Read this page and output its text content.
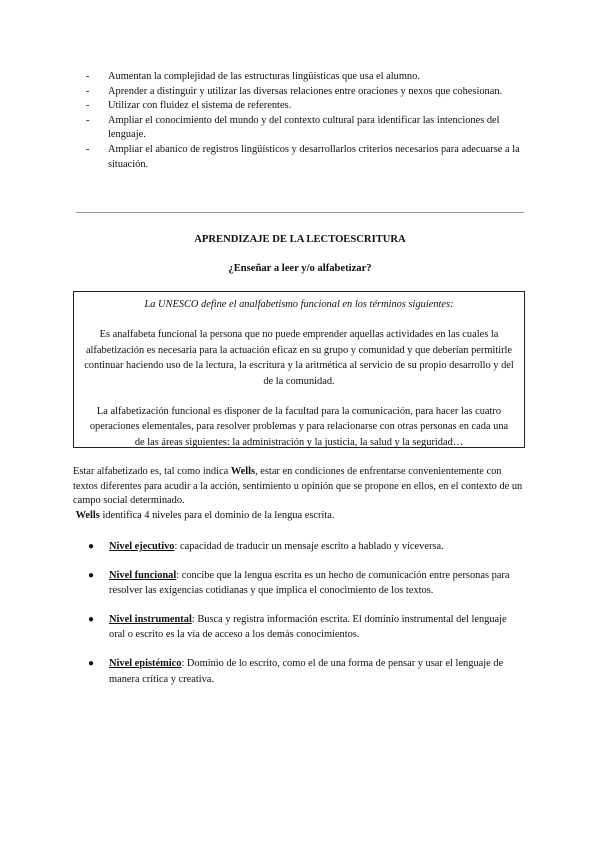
- Aumentan la complejidad de las estructuras lingüísticas que usa el alumno.
- Aprender a distinguir y utilizar las diversas relaciones entre oraciones y nexos que cohesionan.
- Utilizar con fluidez el sistema de referentes.
- Ampliar el conocimiento del mundo y del contexto cultural para identificar las intenciones del lenguaje.
- Ampliar el abanico de registros lingüísticos y desarrollarlos criterios necesarios para adecuarse a la situación.
APRENDIZAJE DE LA LECTOESCRITURA
¿Enseñar a leer y/o alfabetizar?

La UNESCO define el analfabetismo funcional en los términos siguientes:

Es analfabeta funcional la persona que no puede emprender aquellas actividades en las cuales la alfabetización es necesaria para la actuación eficaz en su grupo y comunidad y que deberían permitirle continuar haciendo uso de la lectura, la escritura y la aritmética al servicio de su propio desarrollo y del de la comunidad.

La alfabetización funcional es disponer de la facultad para la comunicación, para hacer las cuatro operaciones elementales, para resolver problemas y para relacionarse con otras personas en cada una de las áreas siguientes: la administración y la justicia, la salud y la seguridad…

Estar alfabetizado es, tal como indica Wells, estar en condiciones de enfrentarse convenientemente con textos diferentes para acudir a la acción, sentimiento u opinión que se propone en ellos, en el contexto de un campo social determinado.

Wells identifica 4 niveles para el dominio de la lengua escrita.

● Nivel ejecutivo: capacidad de traducir un mensaje escrito a hablado y viceversa.
● Nivel funcional: concibe que la lengua escrita es un hecho de comunicación entre personas para resolver las exigencias cotidianas y que implica el conocimiento de los textos.
● Nivel instrumental: Busca y registra información escrita. El dominio instrumental del lenguaje oral o escrito es la vía de acceso a los demás conocimientos.
● Nivel epistémico: Dominio de lo escrito, como el de una forma de pensar y usar el lenguaje de manera crítica y creativa.
